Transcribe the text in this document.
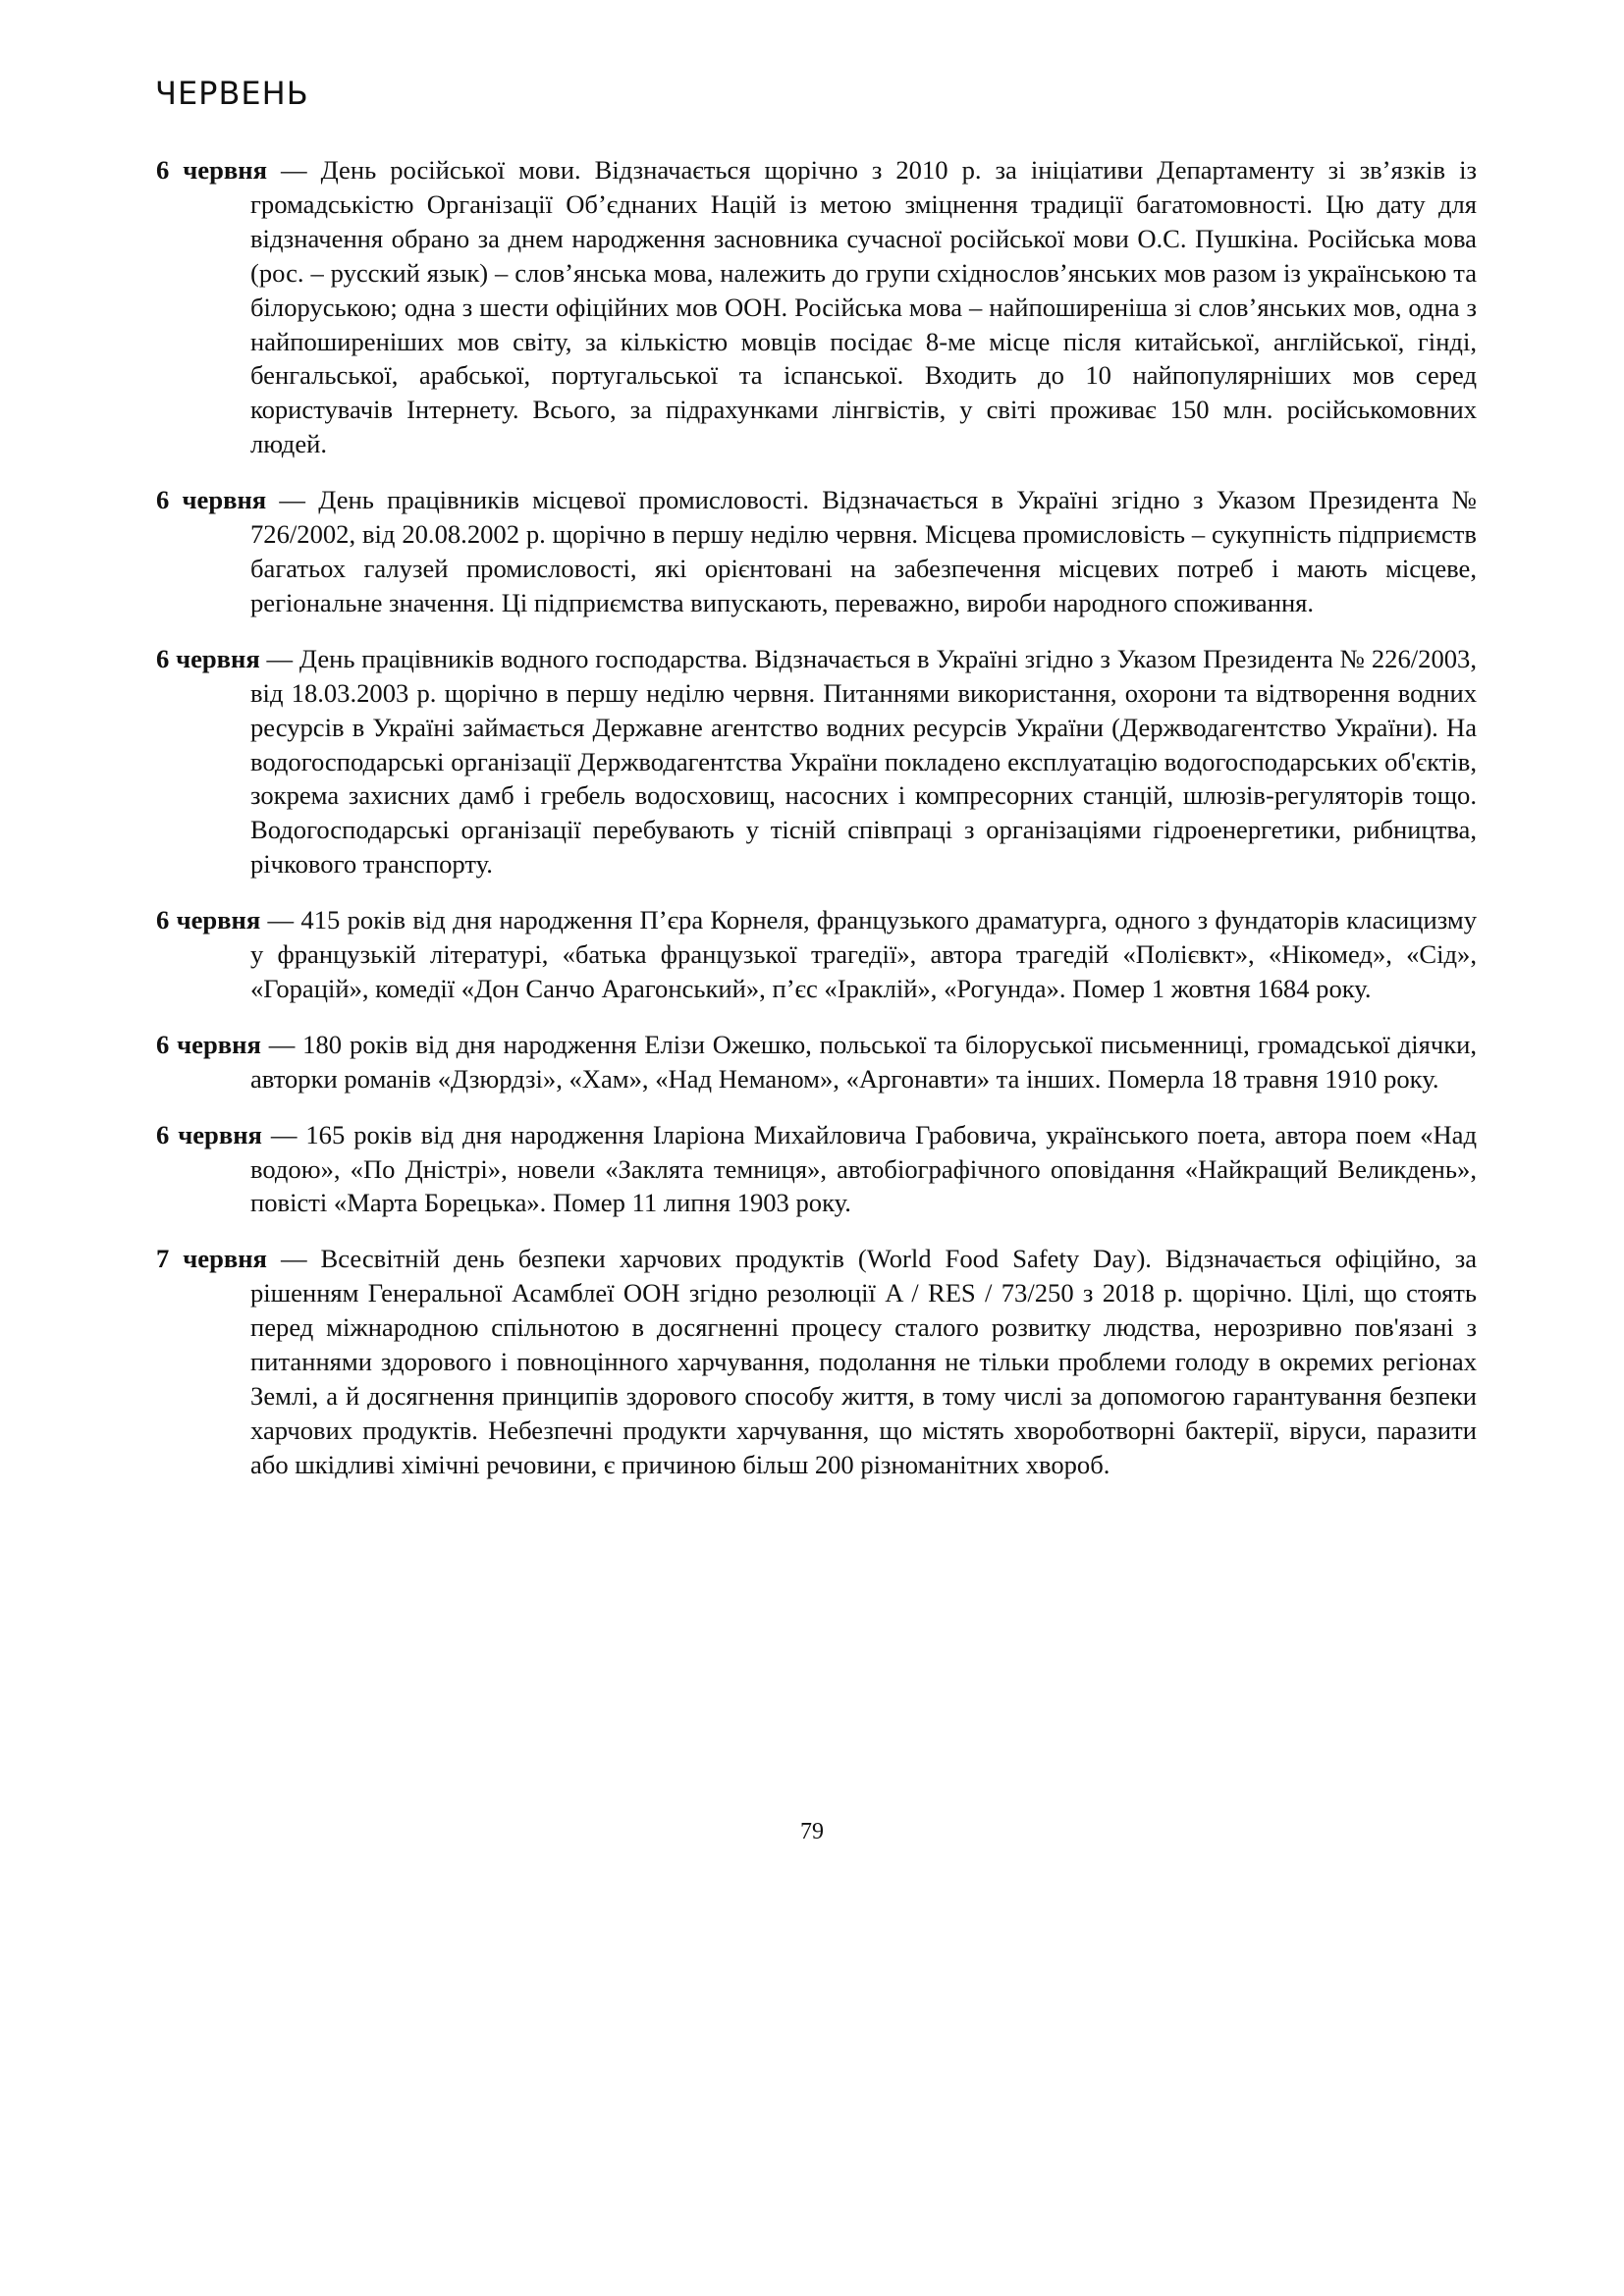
ЧЕРВЕНЬ

6 червня — День російської мови. Відзначається щорічно з 2010 р. за ініціативи Департаменту зі зв’язків із громадськістю Організації Об’єднаних Націй із метою зміцнення традиції багатомовності. Цю дату для відзначення обрано за днем народження засновника сучасної російської мови О.С. Пушкіна. Російська мова (рос. – русский язык) – слов’янська мова, належить до групи східнослов’янських мов разом із українською та білоруською; одна з шести офіційних мов ООН. Російська мова – найпоширеніша зі слов’янських мов, одна з найпоширеніших мов світу, за кількістю мовців посідає 8-ме місце після китайської, англійської, гінді, бенгальської, арабської, португальської та іспанської. Входить до 10 найпопулярніших мов серед користувачів Інтернету. Всього, за підрахунками лінгвістів, у світі проживає 150 млн. російськомовних людей.

6 червня — День працівників місцевої промисловості. Відзначається в Україні згідно з Указом Президента № 726/2002, від 20.08.2002 р. щорічно в першу неділю червня. Місцева промисловість – сукупність підприємств багатьох галузей промисловості, які орієнтовані на забезпечення місцевих потреб і мають місцеве, регіональне значення. Ці підприємства випускають, переважно, вироби народного споживання.

6 червня — День працівників водного господарства. Відзначається в Україні згідно з Указом Президента № 226/2003, від 18.03.2003 р. щорічно в першу неділю червня. Питаннями використання, охорони та відтворення водних ресурсів в Україні займається Державне агентство водних ресурсів України (Держводагентство України). На водогосподарські організації Держводагентства України покладено експлуатацію водогосподарських об'єктів, зокрема захисних дамб і гребель водосховищ, насосних і компресорних станцій, шлюзів-регуляторів тощо. Водогосподарські організації перебувають у тісній співпраці з організаціями гідроенергетики, рибництва, річкового транспорту.

6 червня — 415 років від дня народження П’єра Корнеля, французького драматурга, одного з фундаторів класицизму у французькій літературі, «батька французької трагедії», автора трагедій «Полієвкт», «Нікомед», «Сід», «Горацій», комедії «Дон Санчо Арагонський», п’єс «Іраклій», «Рогунда». Помер 1 жовтня 1684 року.

6 червня — 180 років від дня народження Елізи Ожешко, польської та білоруської письменниці, громадської діячки, авторки романів «Дзюрдзі», «Хам», «Над Неманом», «Аргонавти» та інших. Померла 18 травня 1910 року.

6 червня — 165 років від дня народження Іларіона Михайловича Грабовича, українського поета, автора поем «Над водою», «По Дністрі», новели «Заклята темниця», автобіографічного оповідання «Найкращий Великдень», повісті «Марта Борецька». Помер 11 липня 1903 року.

7 червня — Всесвітній день безпеки харчових продуктів (World Food Safety Day). Відзначається офіційно, за рішенням Генеральної Асамблеї ООН згідно резолюції A / RES / 73/250 з 2018 р. щорічно. Цілі, що стоять перед міжнародною спільнотою в досягненні процесу сталого розвитку людства, нерозривно пов'язані з питаннями здорового і повноцінного харчування, подолання не тільки проблеми голоду в окремих регіонах Землі, а й досягнення принципів здорового способу життя, в тому числі за допомогою гарантування безпеки харчових продуктів. Небезпечні продукти харчування, що містять хвороботворні бактерії, віруси, паразити або шкідливі хімічні речовини, є причиною більш 200 різноманітних хвороб.

79
